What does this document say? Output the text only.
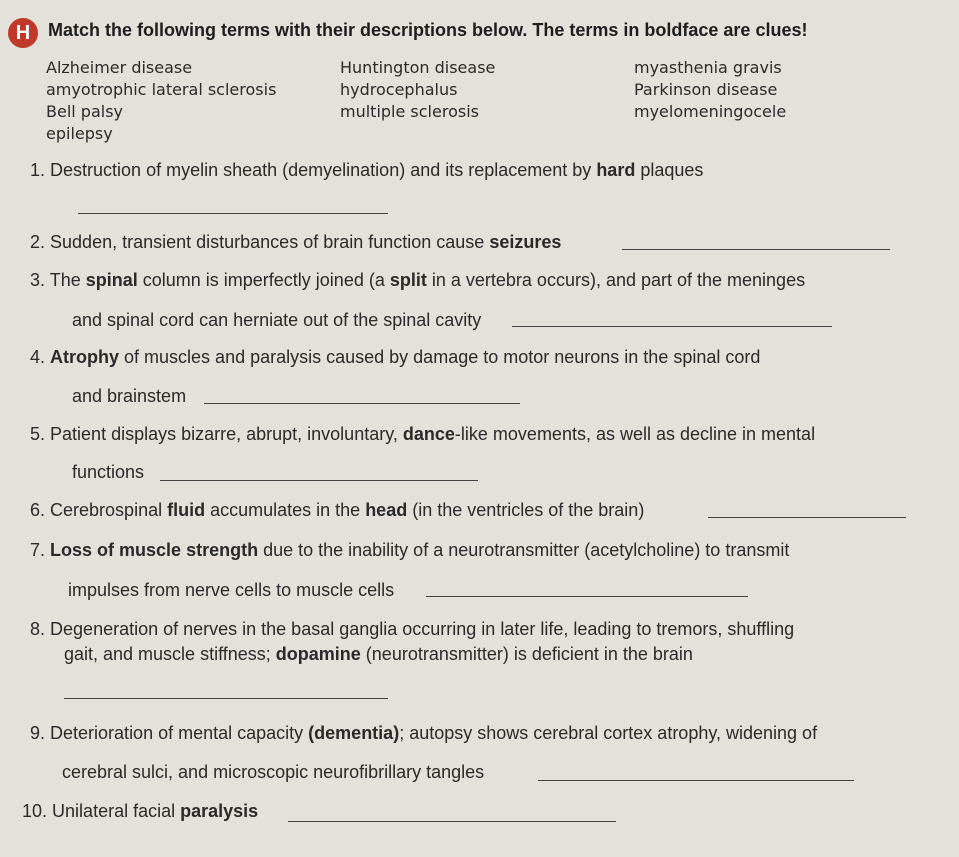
H Match the following terms with their descriptions below. The terms in boldface are clues!
Alzheimer disease	Huntington disease	myasthenia gravis
amyotrophic lateral sclerosis	hydrocephalus	Parkinson disease
Bell palsy	multiple sclerosis	myelomeningocele
epilepsy
1. Destruction of myelin sheath (demyelination) and its replacement by hard plaques
2. Sudden, transient disturbances of brain function cause seizures
3. The spinal column is imperfectly joined (a split in a vertebra occurs), and part of the meninges
and spinal cord can herniate out of the spinal cavity
4. Atrophy of muscles and paralysis caused by damage to motor neurons in the spinal cord
and brainstem
5. Patient displays bizarre, abrupt, involuntary, dance-like movements, as well as decline in mental
functions
6. Cerebrospinal fluid accumulates in the head (in the ventricles of the brain)
7. Loss of muscle strength due to the inability of a neurotransmitter (acetylcholine) to transmit
impulses from nerve cells to muscle cells
8. Degeneration of nerves in the basal ganglia occurring in later life, leading to tremors, shuffling
gait, and muscle stiffness; dopamine (neurotransmitter) is deficient in the brain
9. Deterioration of mental capacity (dementia); autopsy shows cerebral cortex atrophy, widening of
cerebral sulci, and microscopic neurofibrillary tangles
10. Unilateral facial paralysis
